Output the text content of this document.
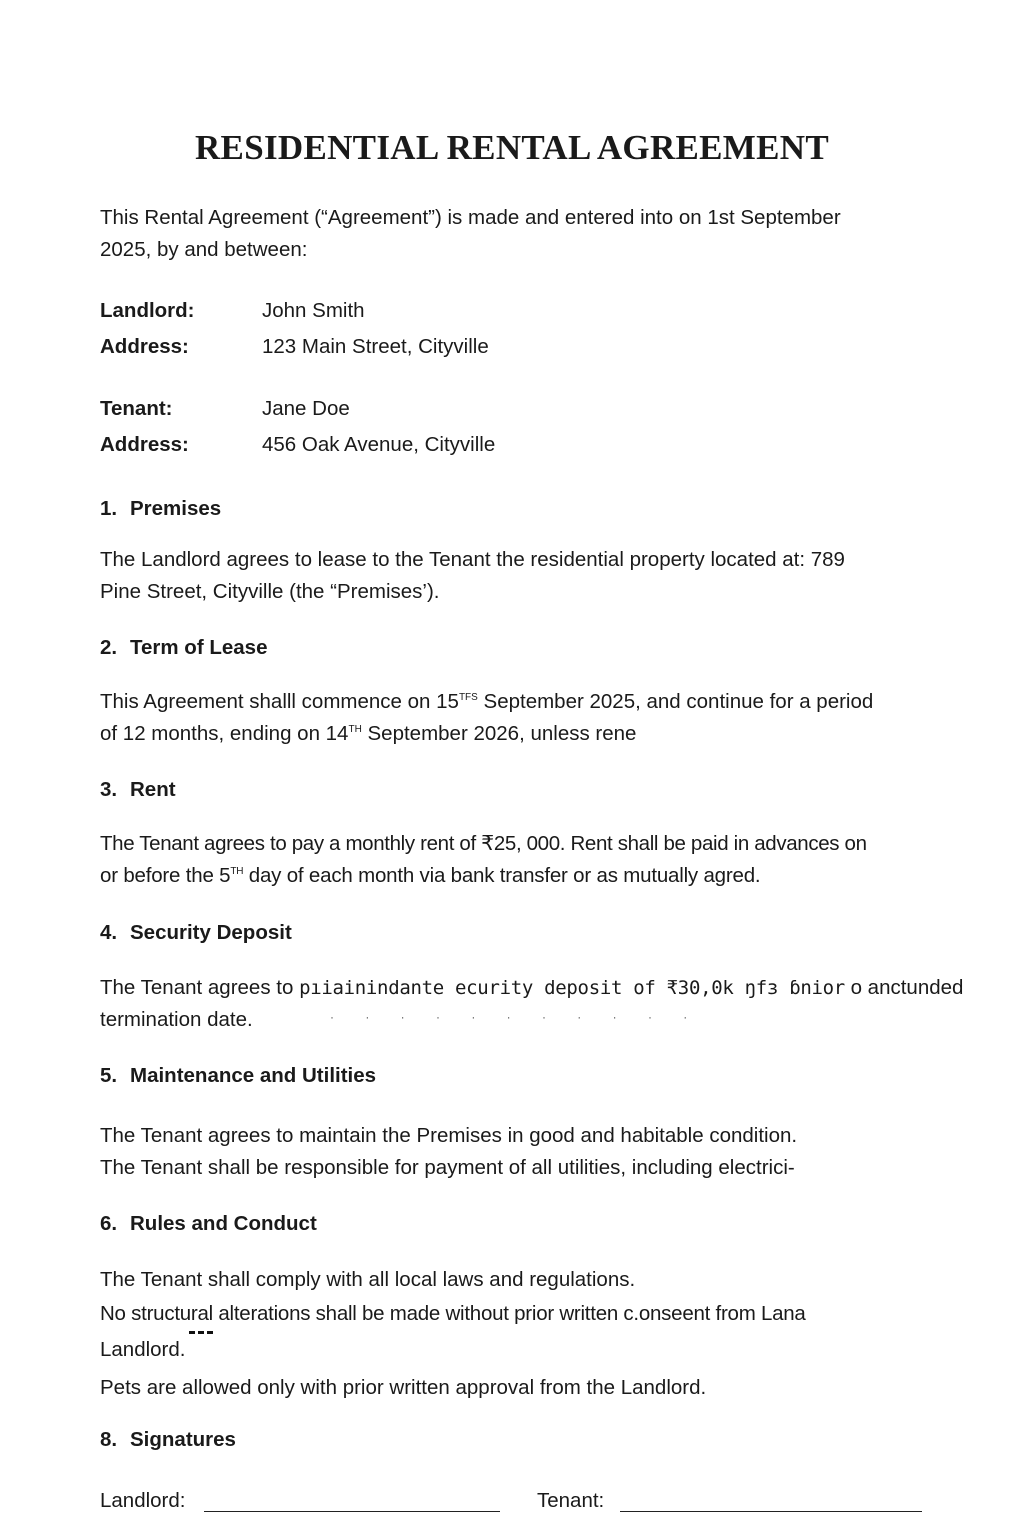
RESIDENTIAL RENTAL AGREEMENT

This Rental Agreement (“Agreement”) is made and entered into on 1st September
2025, by and between:

Landlord:	John Smith
Address:	123 Main Street, Cityville
Tenant:	Jane Doe
Address:	456 Oak Avenue, Cityville
1. Premises

The Landlord agrees to lease to the Tenant the residential property located at: 789
Pine Street, Cityville (the “Premises’).

2. Term of Lease

This Agreement shalll commence on $15^{TFS}$ September 2025, and continue for a period
of 12 months, ending on 14TH September 2026, unless rene

3. Rent

The Tenant agrees to pay a monthly rent of ₹25, 000. Rent shall be paid in advances on
or before the 5TH day of each month via bank transfer or as mutually agred.

4. Security Deposit

The Tenant agrees to pıiainindante ecurity deposit of ₹30,0k ŋfɜ ɓnior o anctunded
termination date.	· · · · · · · · · · ·
5. Maintenance and Utilities

The Tenant agrees to maintain the Premises in good and habitable condition.
The Tenant shall be responsible for payment of all utilities, including electrici-

6. Rules and Conduct

The Tenant shall comply with all local laws and regulations.
No structural alterations shall be made without prior written c.onseent from Lana
Landlord.
Pets are allowed only with prior written approval from the Landlord.

8. Signatures
Landlord:	Tenant:
